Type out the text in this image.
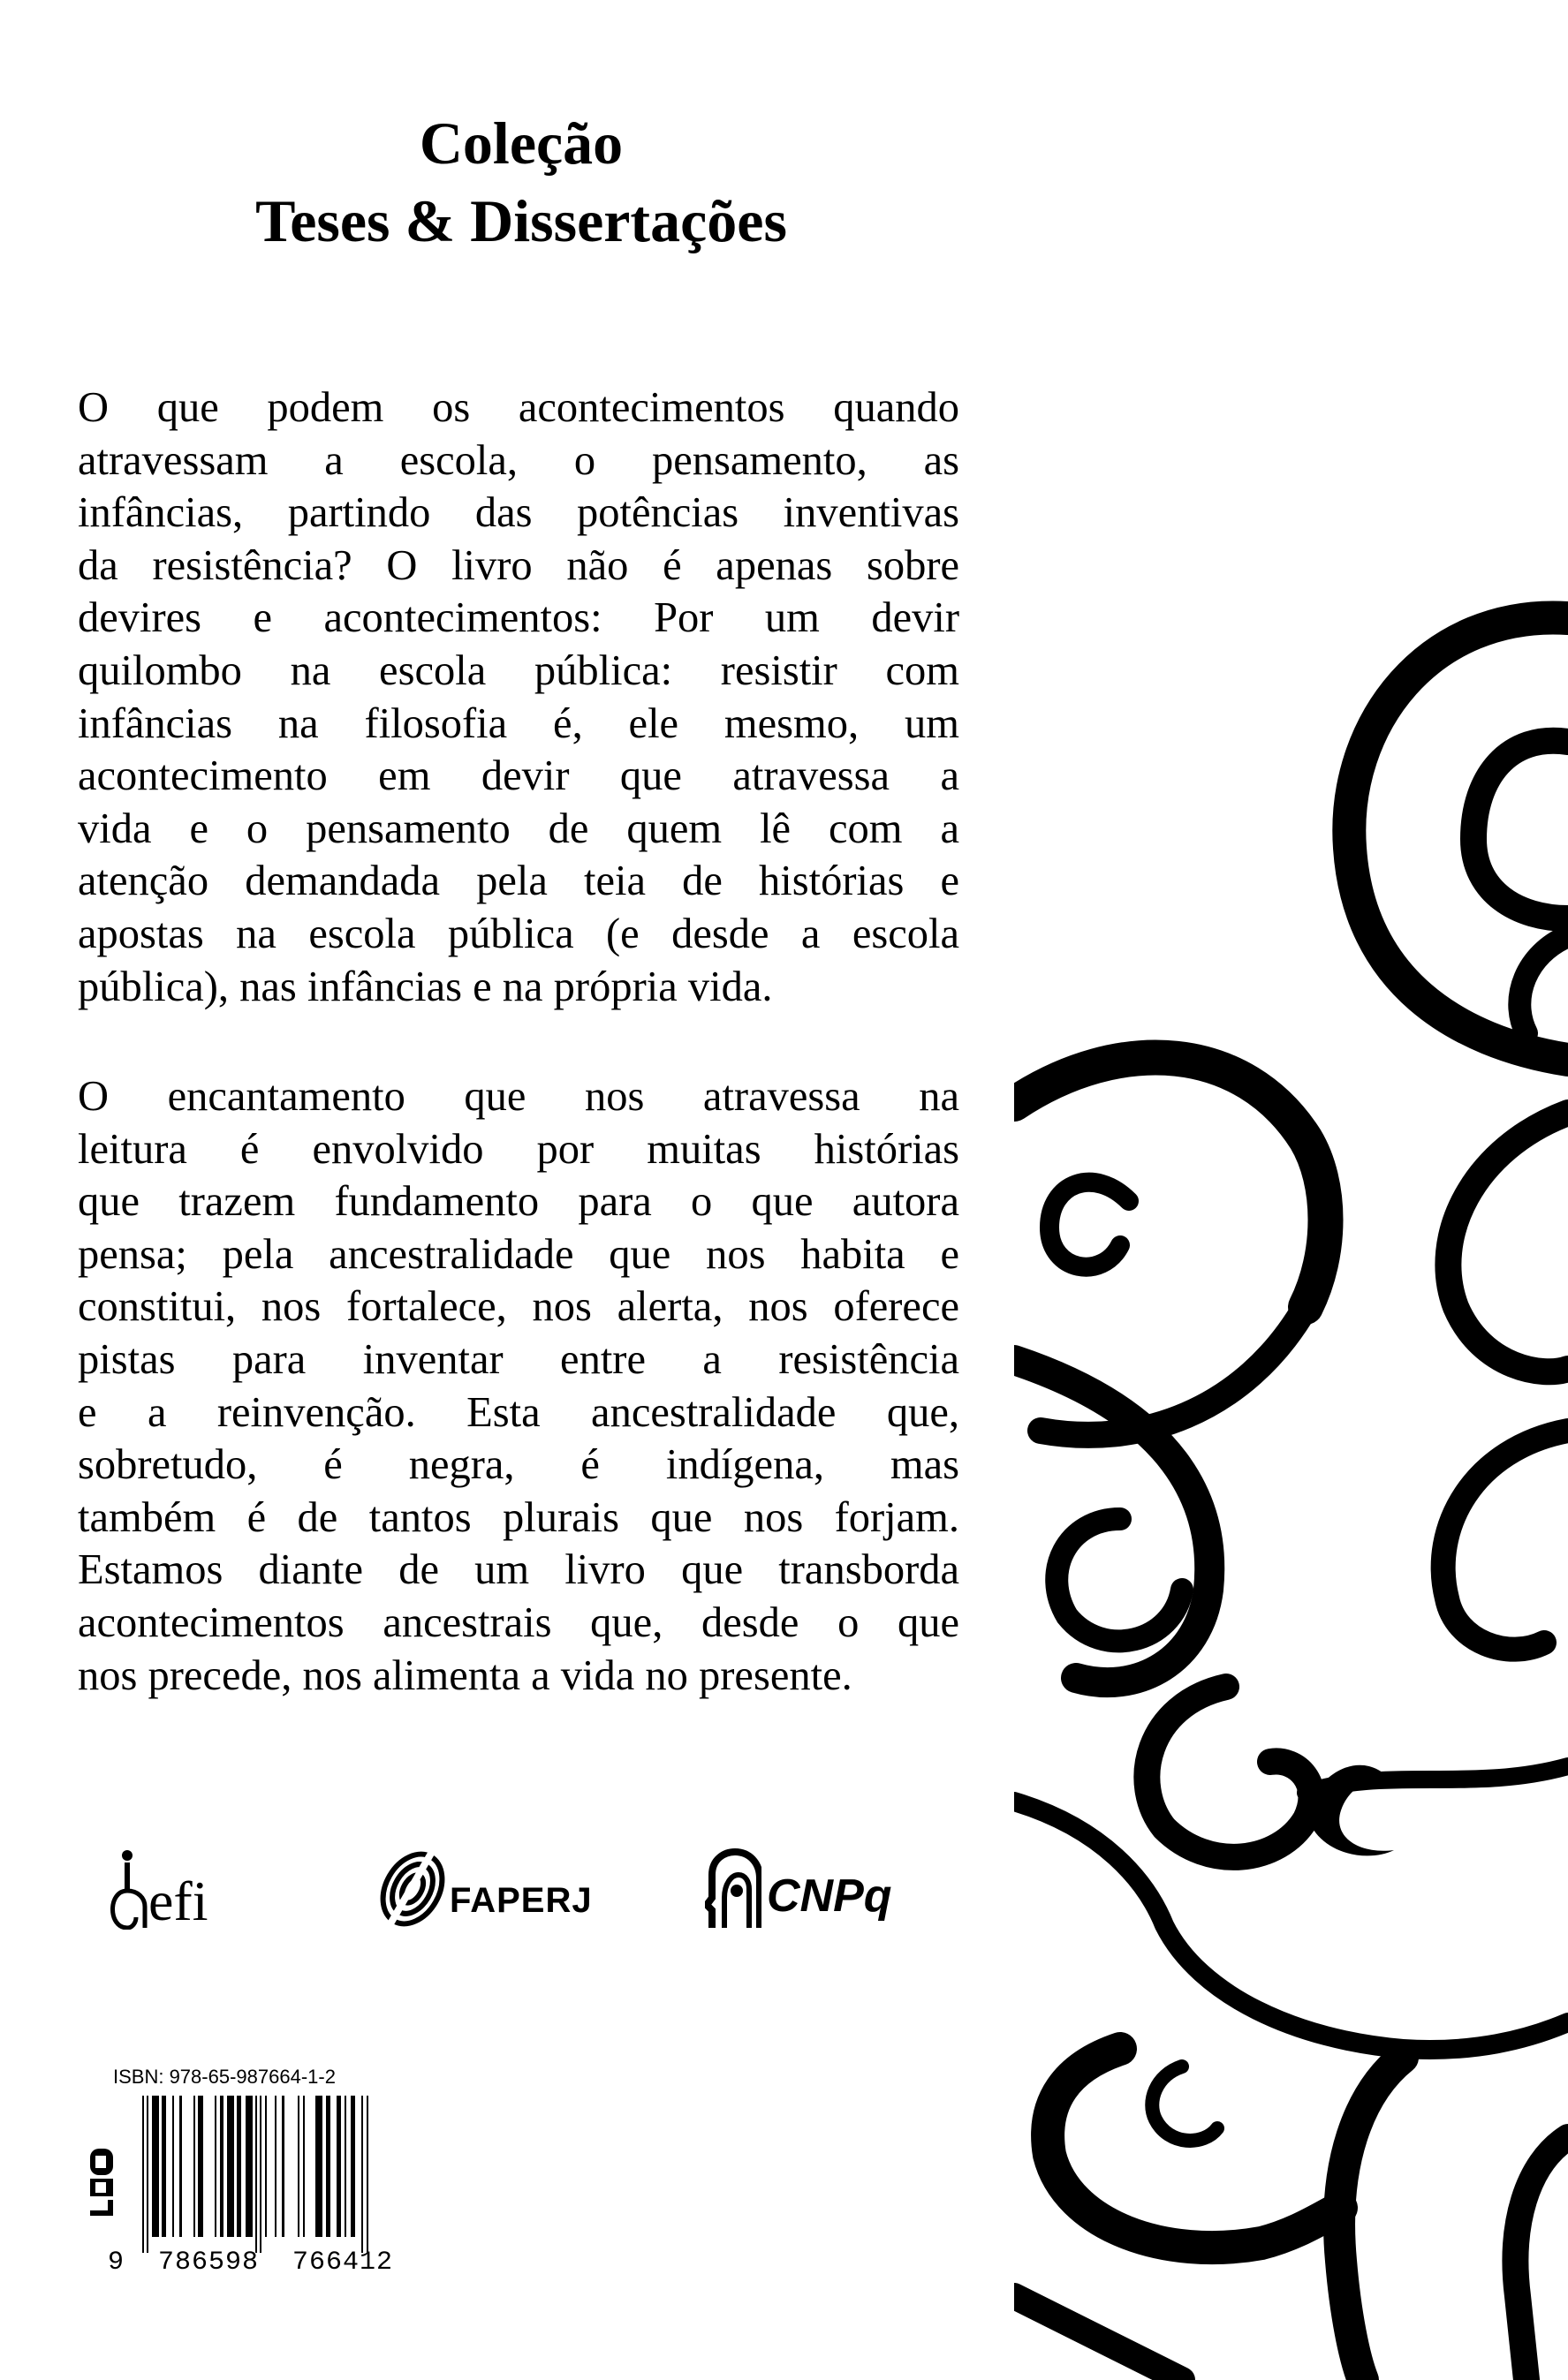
Coleção
Teses & Dissertações
O que podem os acontecimentos quando
atravessam a escola, o pensamento, as
infâncias, partindo das potências inventivas
da resistência? O livro não é apenas sobre
devires e acontecimentos: Por um devir
quilombo na escola pública: resistir com
infâncias na filosofia é, ele mesmo, um
acontecimento em devir que atravessa a
vida e o pensamento de quem lê com a
atenção demandada pela teia de histórias e
apostas na escola pública (e desde a escola
pública), nas infâncias e na própria vida.
O encantamento que nos atravessa na
leitura é envolvido por muitas histórias
que trazem fundamento para o que autora
pensa; pela ancestralidade que nos habita e
constitui, nos fortalece, nos alerta, nos oferece
pistas para inventar entre a resistência
e a reinvenção. Esta ancestralidade que,
sobretudo, é negra, é indígena, mas
também é de tantos plurais que nos forjam.
Estamos diante de um livro que transborda
acontecimentos ancestrais que, desde o que
nos precede, nos alimenta a vida no presente.
efi	FAPERJ	CNPq
ISBN: 978-65-987664-1-2
9  786598  766412
